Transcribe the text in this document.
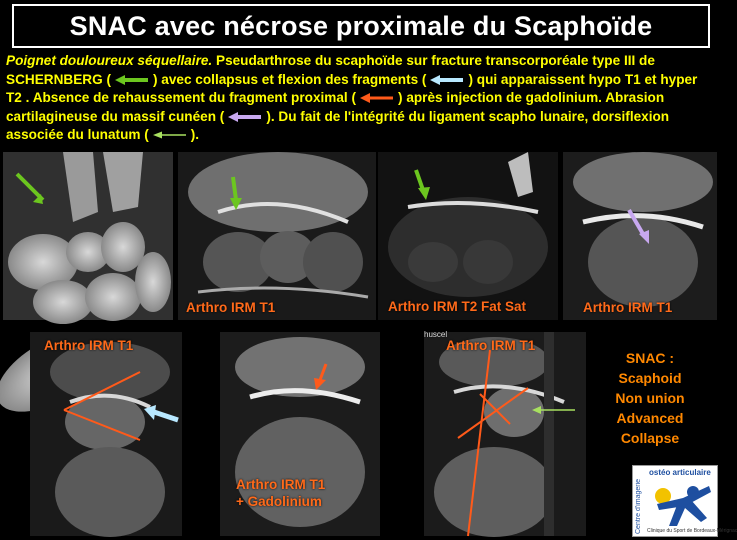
SNAC avec nécrose proximale du Scaphoïde
Poignet douloureux séquellaire. Pseudarthrose du scaphoïde sur fracture transcorporéale type III de SCHERNBERG (	) avec collapsus et flexion des fragments (	) qui apparaissent hypo T1 et hyper T2 . Absence de rehaussement du fragment proximal (	) après injection de gadolinium. Abrasion cartilagineuse du massif cunéen (	). Du fait de l'intégrité du ligament scapho lunaire, dorsiflexion associée du lunatum (	).
Arthro IRM T1	Arthro IRM T2 Fat Sat	Arthro IRM T1
Arthro IRM T1
Arthro IRM T1
+ Gadolinium
huscel
Arthro IRM T1
SNAC :
Scaphoid
Non union
Advanced
Collapse
Centre d'imagerie
ostéo articulaire
Clinique du Sport de Bordeaux-Mérignac
